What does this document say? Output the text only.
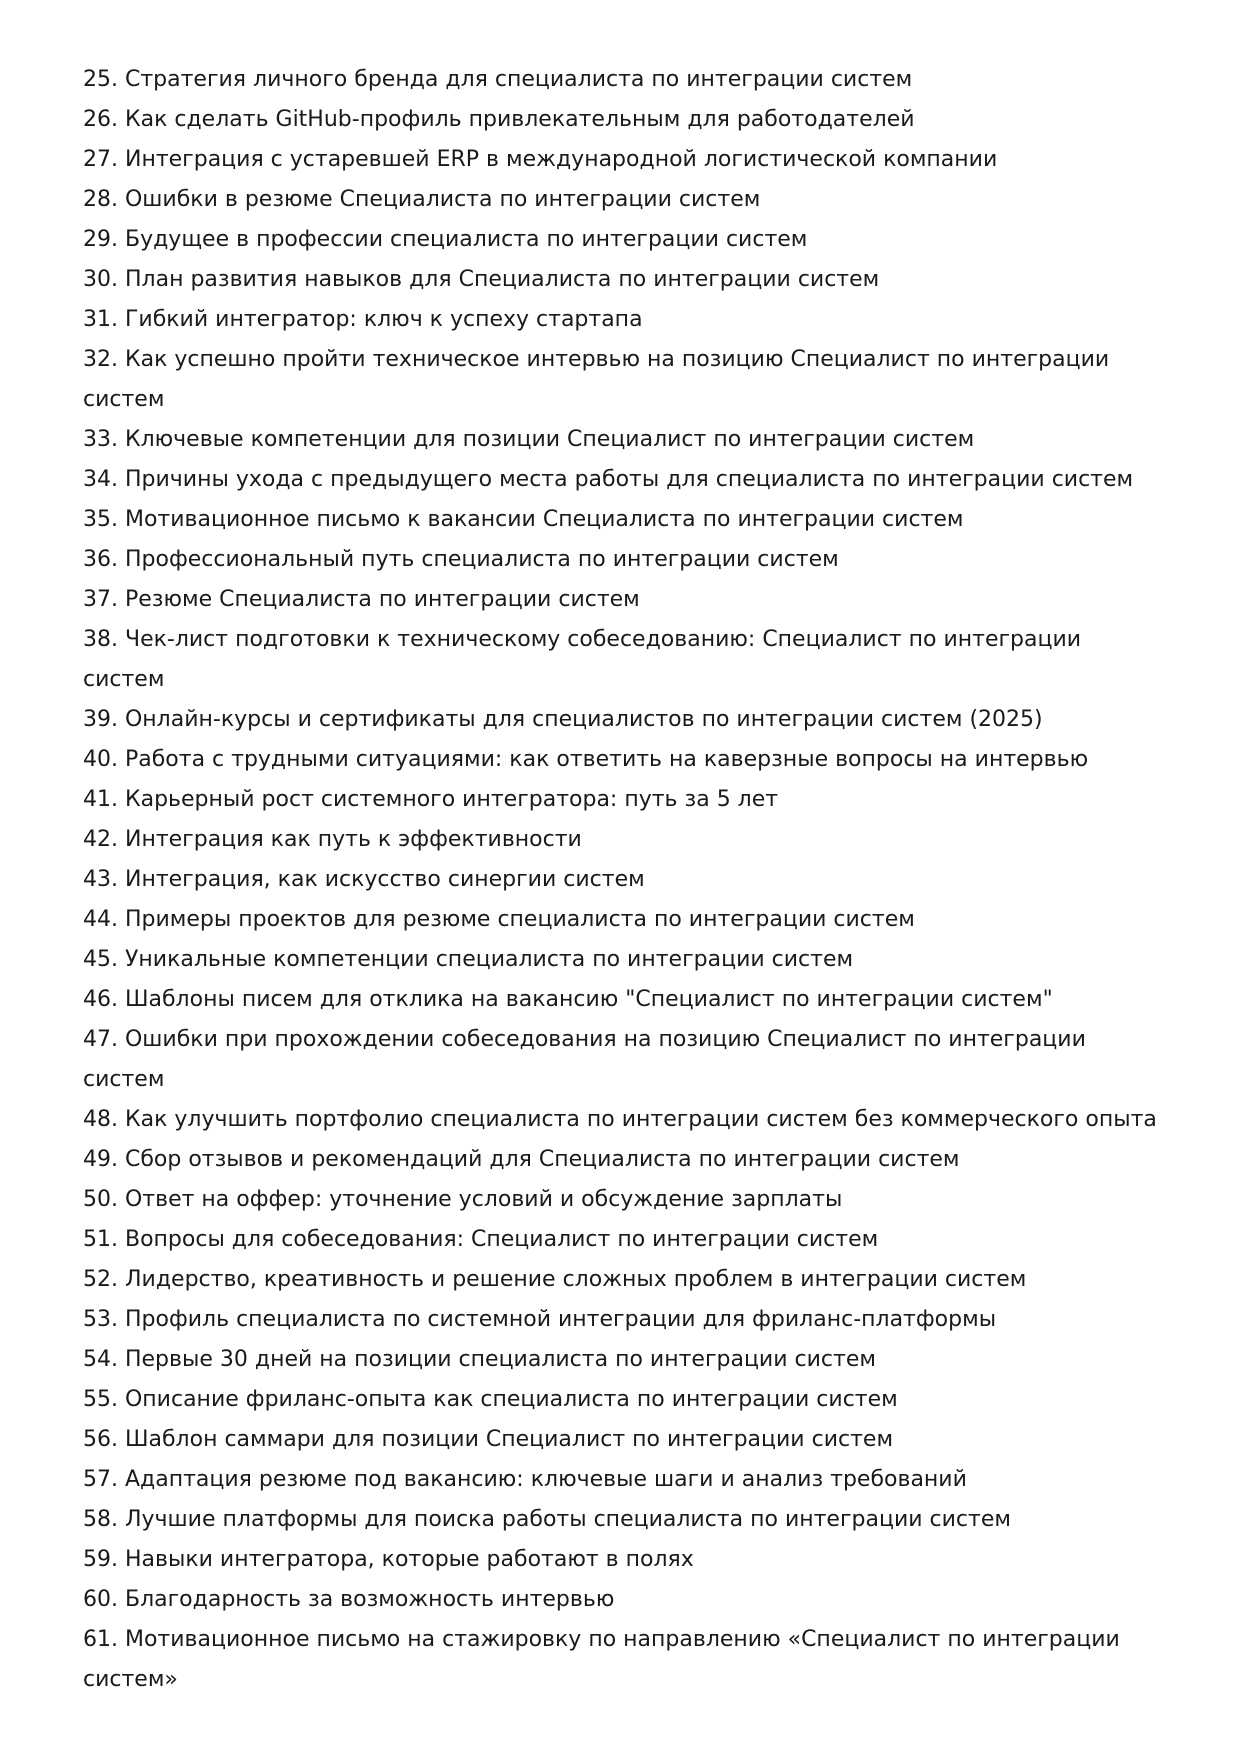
25. Стратегия личного бренда для специалиста по интеграции систем
26. Как сделать GitHub-профиль привлекательным для работодателей
27. Интеграция с устаревшей ERP в международной логистической компании
28. Ошибки в резюме Специалиста по интеграции систем
29. Будущее в профессии специалиста по интеграции систем
30. План развития навыков для Специалиста по интеграции систем
31. Гибкий интегратор: ключ к успеху стартапа
32. Как успешно пройти техническое интервью на позицию Специалист по интеграции систем
33. Ключевые компетенции для позиции Специалист по интеграции систем
34. Причины ухода с предыдущего места работы для специалиста по интеграции систем
35. Мотивационное письмо к вакансии Специалиста по интеграции систем
36. Профессиональный путь специалиста по интеграции систем
37. Резюме Специалиста по интеграции систем
38. Чек-лист подготовки к техническому собеседованию: Специалист по интеграции систем
39. Онлайн-курсы и сертификаты для специалистов по интеграции систем (2025)
40. Работа с трудными ситуациями: как ответить на каверзные вопросы на интервью
41. Карьерный рост системного интегратора: путь за 5 лет
42. Интеграция как путь к эффективности
43. Интеграция, как искусство синергии систем
44. Примеры проектов для резюме специалиста по интеграции систем
45. Уникальные компетенции специалиста по интеграции систем
46. Шаблоны писем для отклика на вакансию "Специалист по интеграции систем"
47. Ошибки при прохождении собеседования на позицию Специалист по интеграции систем
48. Как улучшить портфолио специалиста по интеграции систем без коммерческого опыта
49. Сбор отзывов и рекомендаций для Специалиста по интеграции систем
50. Ответ на оффер: уточнение условий и обсуждение зарплаты
51. Вопросы для собеседования: Специалист по интеграции систем
52. Лидерство, креативность и решение сложных проблем в интеграции систем
53. Профиль специалиста по системной интеграции для фриланс-платформы
54. Первые 30 дней на позиции специалиста по интеграции систем
55. Описание фриланс-опыта как специалиста по интеграции систем
56. Шаблон саммари для позиции Специалист по интеграции систем
57. Адаптация резюме под вакансию: ключевые шаги и анализ требований
58. Лучшие платформы для поиска работы специалиста по интеграции систем
59. Навыки интегратора, которые работают в полях
60. Благодарность за возможность интервью
61. Мотивационное письмо на стажировку по направлению «Специалист по интеграции систем»
